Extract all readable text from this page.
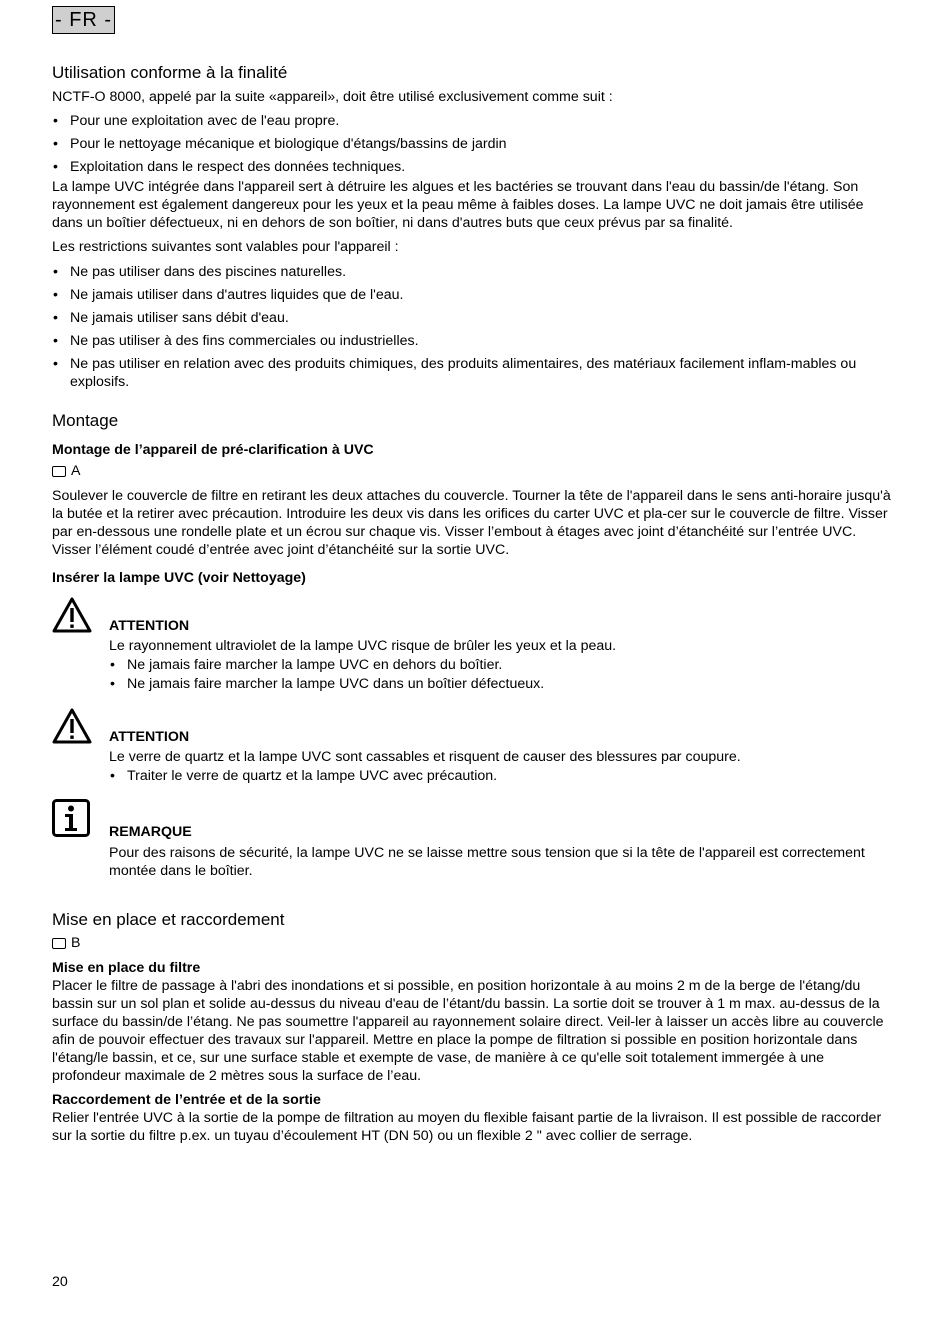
- FR -
Utilisation conforme à la finalité

NCTF-O 8000, appelé par la suite «appareil», doit être utilisé exclusivement comme suit :

• Pour une exploitation avec de l'eau propre.
• Pour le nettoyage mécanique et biologique d'étangs/bassins de jardin
• Exploitation dans le respect des données techniques.

La lampe UVC intégrée dans l'appareil sert à détruire les algues et les bactéries se trouvant dans l'eau du bassin/de l'étang. Son rayonnement est également dangereux pour les yeux et la peau même à faibles doses. La lampe UVC ne doit jamais être utilisée dans un boîtier défectueux, ni en dehors de son boîtier, ni dans d'autres buts que ceux prévus par sa finalité.

Les restrictions suivantes sont valables pour l'appareil :

• Ne pas utiliser dans des piscines naturelles.
• Ne jamais utiliser dans d'autres liquides que de l'eau.
• Ne jamais utiliser sans débit d'eau.
• Ne pas utiliser à des fins commerciales ou industrielles.
• Ne pas utiliser en relation avec des produits chimiques, des produits alimentaires, des matériaux facilement inflam-mables ou explosifs.
Montage
Montage de l’appareil de pré-clarification à UVC
A

Soulever le couvercle de filtre en retirant les deux attaches du couvercle. Tourner la tête de l'appareil dans le sens anti-horaire jusqu'à la butée et la retirer avec précaution. Introduire les deux vis dans les orifices du carter UVC et pla-cer sur le couvercle de filtre. Visser par en-dessous une rondelle plate et un écrou sur chaque vis. Visser l’embout à étages avec joint d’étanchéité sur l’entrée UVC. Visser l’élément coudé d’entrée avec joint d’étanchéité sur la sortie UVC.

Insérer la lampe UVC (voir Nettoyage)
ATTENTION

Le rayonnement ultraviolet de la lampe UVC risque de brûler les yeux et la peau.

• Ne jamais faire marcher la lampe UVC en dehors du boîtier.
• Ne jamais faire marcher la lampe UVC dans un boîtier défectueux.
ATTENTION

Le verre de quartz et la lampe UVC sont cassables et risquent de causer des blessures par coupure.

• Traiter le verre de quartz et la lampe UVC avec précaution.
REMARQUE

Pour des raisons de sécurité, la lampe UVC ne se laisse mettre sous tension que si la tête de l'appareil est correctement montée dans le boîtier.

Mise en place et raccordement
B
Mise en place du filtre

Placer le filtre de passage à l'abri des inondations et si possible, en position horizontale à au moins 2 m de la berge de l'étang/du bassin sur un sol plan et solide au-dessus du niveau d'eau de l’étant/du bassin. La sortie doit se trouver à 1 m max. au-dessus de la surface du bassin/de l’étang. Ne pas soumettre l'appareil au rayonnement solaire direct. Veil-ler à laisser un accès libre au couvercle afin de pouvoir effectuer des travaux sur l'appareil. Mettre en place la pompe de filtration si possible en position horizontale dans l'étang/le bassin, et ce, sur une surface stable et exempte de vase, de manière à ce qu'elle soit totalement immergée à une profondeur maximale de 2 mètres sous la surface de l’eau.

Raccordement de l’entrée et de la sortie

Relier l'entrée UVC à la sortie de la pompe de filtration au moyen du flexible faisant partie de la livraison. Il est possible de raccorder sur la sortie du filtre p.ex. un tuyau d’écoulement HT (DN 50) ou un flexible 2 " avec collier de serrage.

20
